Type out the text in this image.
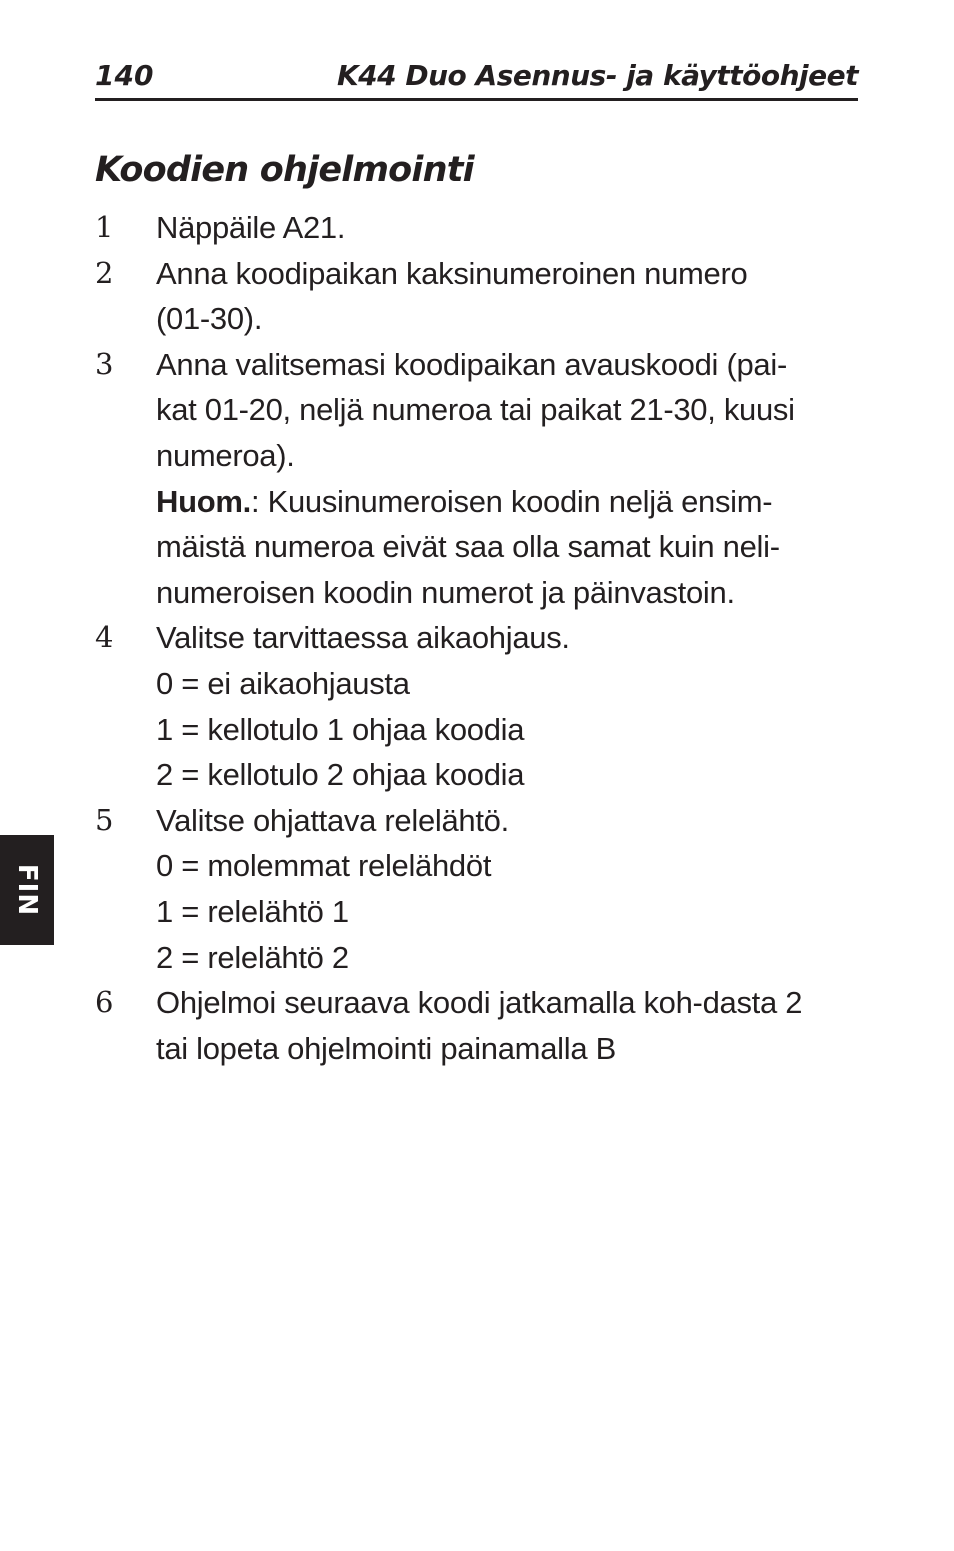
140	K44 Duo Asennus- ja käyttöohjeet
Koodien ohjelmointi
1 Näppäile A21.
2 Anna koodipaikan kaksinumeroinen numero
(01-30).
3 Anna valitsemasi koodipaikan avauskoodi (pai-
kat 01-20, neljä numeroa tai paikat 21-30, kuusi
numeroa).
Huom.: Kuusinumeroisen koodin neljä ensim-
mäistä numeroa eivät saa olla samat kuin neli-
numeroisen koodin numerot ja päinvastoin.
4 Valitse tarvittaessa aikaohjaus.
0 = ei aikaohjausta
1 = kellotulo 1 ohjaa koodia
2 = kellotulo 2 ohjaa koodia
5 Valitse ohjattava relelähtö.
0 = molemmat relelähdöt
1 = relelähtö 1
2 = relelähtö 2
6 Ohjelmoi seuraava koodi jatkamalla koh-dasta 2
tai lopeta ohjelmointi painamalla B
FIN
